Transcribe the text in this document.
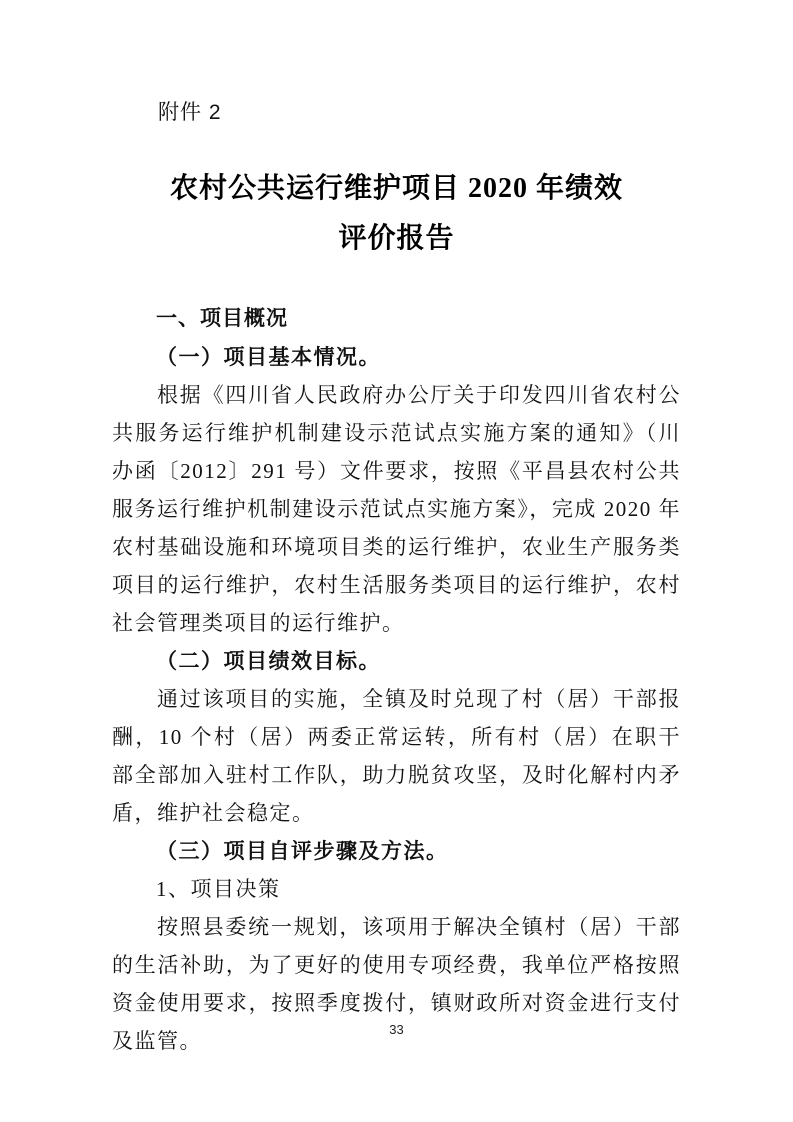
附件 2
农村公共运行维护项目 2020 年绩效
评价报告
一、项目概况
（一）项目基本情况。

根据《四川省人民政府办公厅关于印发四川省农村公共服务运行维护机制建设示范试点实施方案的通知》（川办函〔2012〕291 号）文件要求，按照《平昌县农村公共服务运行维护机制建设示范试点实施方案》，完成 2020 年农村基础设施和环境项目类的运行维护，农业生产服务类项目的运行维护，农村生活服务类项目的运行维护，农村社会管理类项目的运行维护。

（二）项目绩效目标。

通过该项目的实施，全镇及时兑现了村（居）干部报酬，10 个村（居）两委正常运转，所有村（居）在职干部全部加入驻村工作队，助力脱贫攻坚，及时化解村内矛盾，维护社会稳定。

（三）项目自评步骤及方法。
1、项目决策

按照县委统一规划，该项用于解决全镇村（居）干部的生活补助，为了更好的使用专项经费，我单位严格按照资金使用要求，按照季度拨付，镇财政所对资金进行支付及监管。	33
